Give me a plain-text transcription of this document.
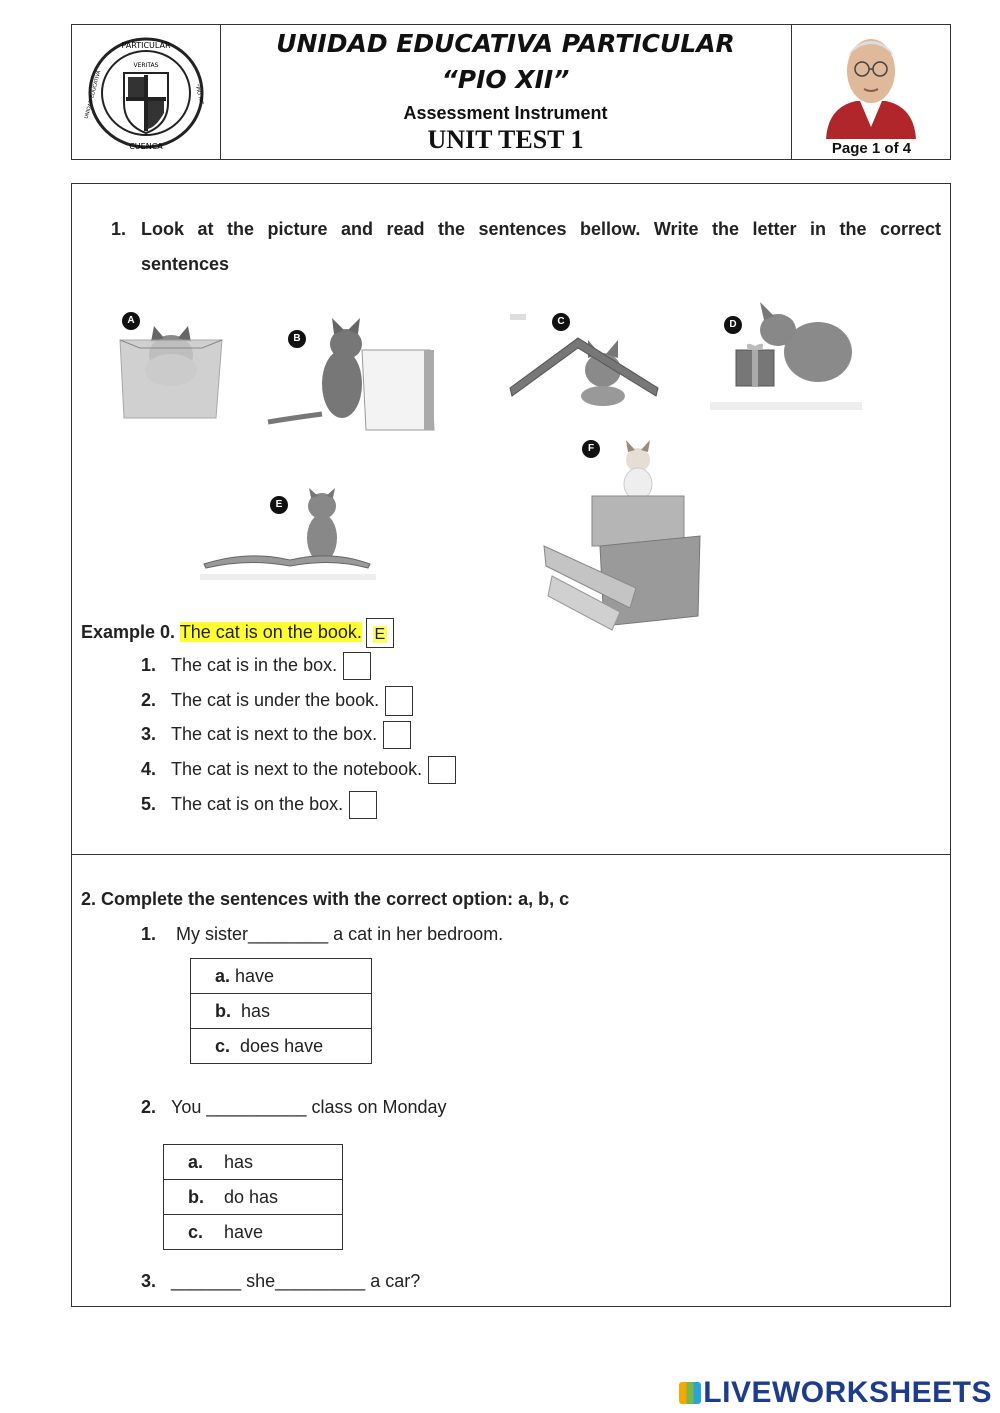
PARTICULAR
CUENCA
VERITAS
UNIDAD EDUCATIVA	"PIO XII"
UNIDAD EDUCATIVA PARTICULAR
“PIO XII”
Assessment Instrument
UNIT TEST 1	Page 1 of 4
1. Look at the picture and read the sentences bellow. Write the letter in the correct
sentences
A
B
C	D
E
F
Example 0. The cat is on the book. E
1. The cat is in the box.
2. The cat is under the book.
3. The cat is next to the box.
4. The cat is next to the notebook.
5. The cat is on the box.
2. Complete the sentences with the correct option: a, b, c
1. My sister________ a cat in her bedroom.
a. have
b. has
c. does have
2. You __________ class on Monday
a. has
b. do has
c. have
3. _______ she_________ a car?
LIVEWORKSHEETS
